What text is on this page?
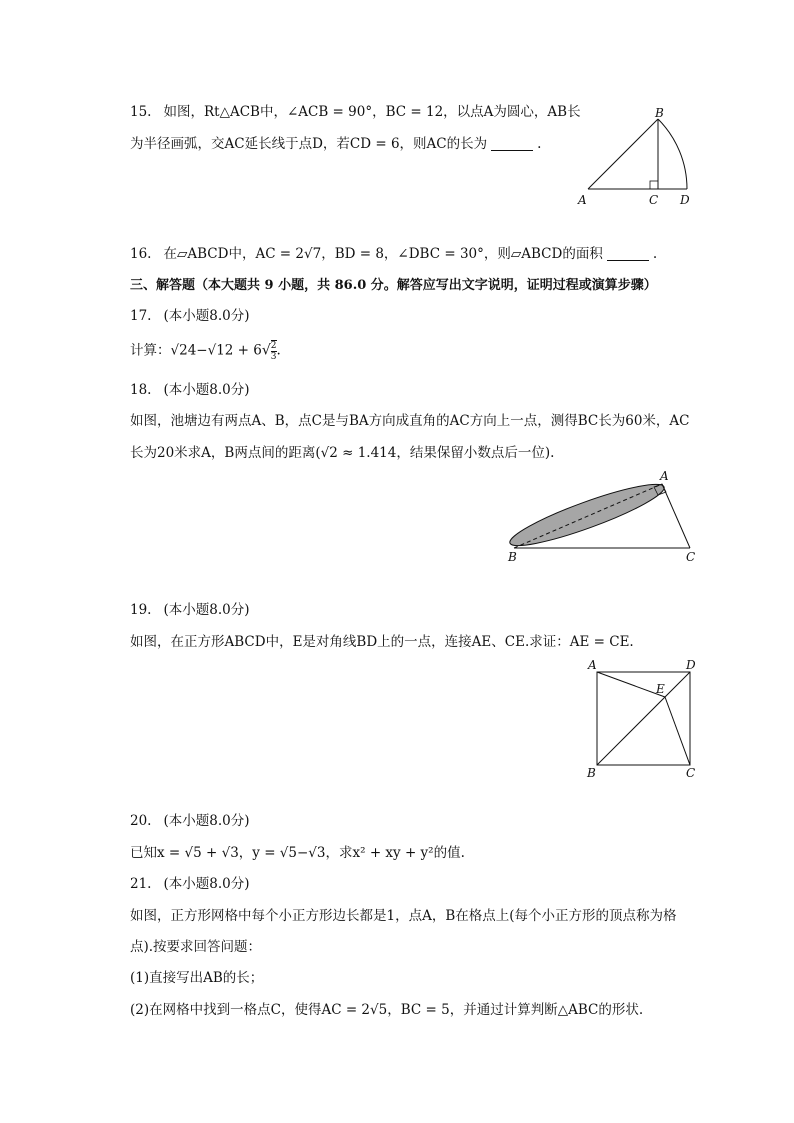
15. 如图，Rt△ACB中，∠ACB = 90°，BC = 12，以点A为圆心，AB长
为半径画弧，交AC延长线于点D，若CD = 6，则AC的长为	.
B
A	C D
16. 在▱ABCD中，AC = 2√7，BD = 8，∠DBC = 30°，则▱ABCD的面积	.
三、解答题（本大题共 9 小题，共 86.0 分。解答应写出文字说明，证明过程或演算步骤）
17. (本小题8.0分)
计算：$√24-√12 + 6√ \frac{2}{3}$ .
18. (本小题8.0分)
如图，池塘边有两点A、B，点C是与BA方向成直角的AC方向上一点，测得BC长为60米，AC
长为20米求A，B两点间的距离(√2 ≈ 1.414，结果保留小数点后一位).
A
B	C
19. (本小题8.0分)
如图，在正方形ABCD中，E是对角线BD上的一点，连接AE、CE.求证：AE = CE.
A	D
E
B	C
20. (本小题8.0分)
已知x = √5 + √3，y = √5−√3，求x² + xy + y²的值.
21. (本小题8.0分)
如图，正方形网格中每个小正方形边长都是1，点A，B在格点上(每个小正方形的顶点称为格
点).按要求回答问题：
(1)直接写出AB的长；
(2)在网格中找到一格点C，使得AC = 2√5，BC = 5，并通过计算判断△ABC的形状.
